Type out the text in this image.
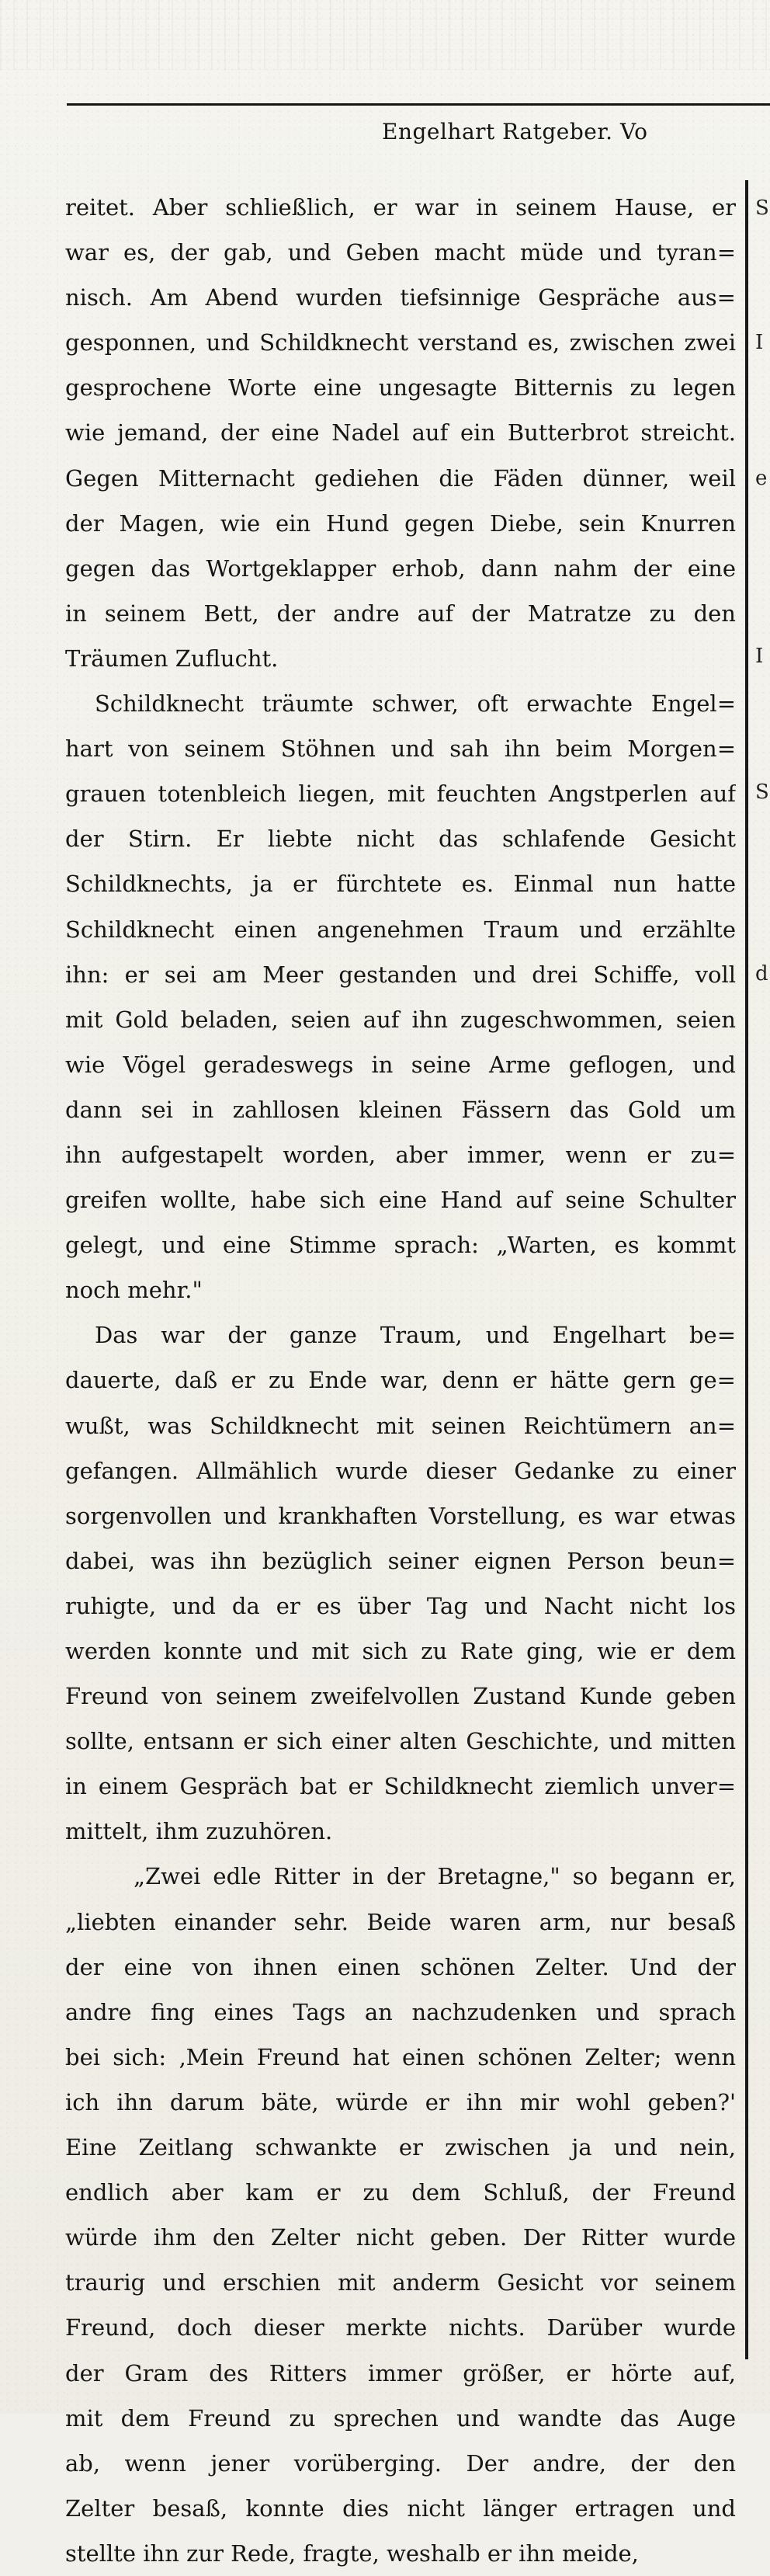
Engelhart Ratgeber. Vo
S
I
e
I
S
d
reitet. Aber schließlich, er war in seinem Hause, er
war es, der gab, und Geben macht müde und tyran=
nisch. Am Abend wurden tiefsinnige Gespräche aus=
gesponnen, und Schildknecht verstand es, zwischen zwei
gesprochene Worte eine ungesagte Bitternis zu legen
wie jemand, der eine Nadel auf ein Butterbrot streicht.
Gegen Mitternacht gediehen die Fäden dünner, weil
der Magen, wie ein Hund gegen Diebe, sein Knurren
gegen das Wortgeklapper erhob, dann nahm der eine
in seinem Bett, der andre auf der Matratze zu den
Träumen Zuflucht.
Schildknecht träumte schwer, oft erwachte Engel=
hart von seinem Stöhnen und sah ihn beim Morgen=
grauen totenbleich liegen, mit feuchten Angstperlen auf
der Stirn. Er liebte nicht das schlafende Gesicht
Schildknechts, ja er fürchtete es. Einmal nun hatte
Schildknecht einen angenehmen Traum und erzählte
ihn: er sei am Meer gestanden und drei Schiffe, voll
mit Gold beladen, seien auf ihn zugeschwommen, seien
wie Vögel geradeswegs in seine Arme geflogen, und
dann sei in zahllosen kleinen Fässern das Gold um
ihn aufgestapelt worden, aber immer, wenn er zu=
greifen wollte, habe sich eine Hand auf seine Schulter
gelegt, und eine Stimme sprach: „Warten, es kommt
noch mehr."
Das war der ganze Traum, und Engelhart be=
dauerte, daß er zu Ende war, denn er hätte gern ge=
wußt, was Schildknecht mit seinen Reichtümern an=
gefangen. Allmählich wurde dieser Gedanke zu einer
sorgenvollen und krankhaften Vorstellung, es war etwas
dabei, was ihn bezüglich seiner eignen Person beun=
ruhigte, und da er es über Tag und Nacht nicht los
werden konnte und mit sich zu Rate ging, wie er dem
Freund von seinem zweifelvollen Zustand Kunde geben
sollte, entsann er sich einer alten Geschichte, und mitten
in einem Gespräch bat er Schildknecht ziemlich unver=
mittelt, ihm zuzuhören.
„Zwei edle Ritter in der Bretagne," so begann er,
„liebten einander sehr. Beide waren arm, nur besaß
der eine von ihnen einen schönen Zelter. Und der
andre fing eines Tags an nachzudenken und sprach
bei sich: ‚Mein Freund hat einen schönen Zelter; wenn
ich ihn darum bäte, würde er ihn mir wohl geben?'
Eine Zeitlang schwankte er zwischen ja und nein,
endlich aber kam er zu dem Schluß, der Freund
würde ihm den Zelter nicht geben. Der Ritter wurde
traurig und erschien mit anderm Gesicht vor seinem
Freund, doch dieser merkte nichts. Darüber wurde
der Gram des Ritters immer größer, er hörte auf,
mit dem Freund zu sprechen und wandte das Auge
ab, wenn jener vorüberging. Der andre, der den
Zelter besaß, konnte dies nicht länger ertragen und
stellte ihn zur Rede, fragte, weshalb er ihn meide,
